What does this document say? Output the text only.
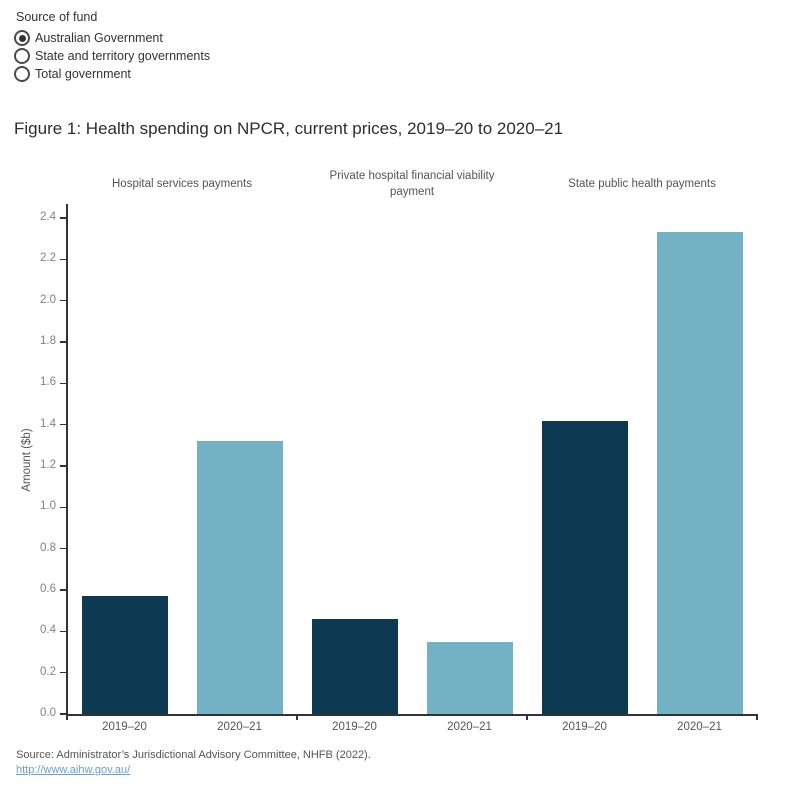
Source of fund
Australian Government
State and territory governments
Total government
Figure 1: Health spending on NPCR, current prices, 2019–20 to 2020–21
Amount ($b)
0.0
0.2
0.4
0.6
0.8
1.0
1.2
1.4
1.6
1.8
2.0
2.2
2.4
Hospital services payments
2019–20	2020–21
Private hospital financial viability payment
2019–20	2020–21
State public health payments
2019–20	2020–21
Source: Administrator’s Jurisdictional Advisory Committee, NHFB (2022).
http://www.aihw.gov.au/
